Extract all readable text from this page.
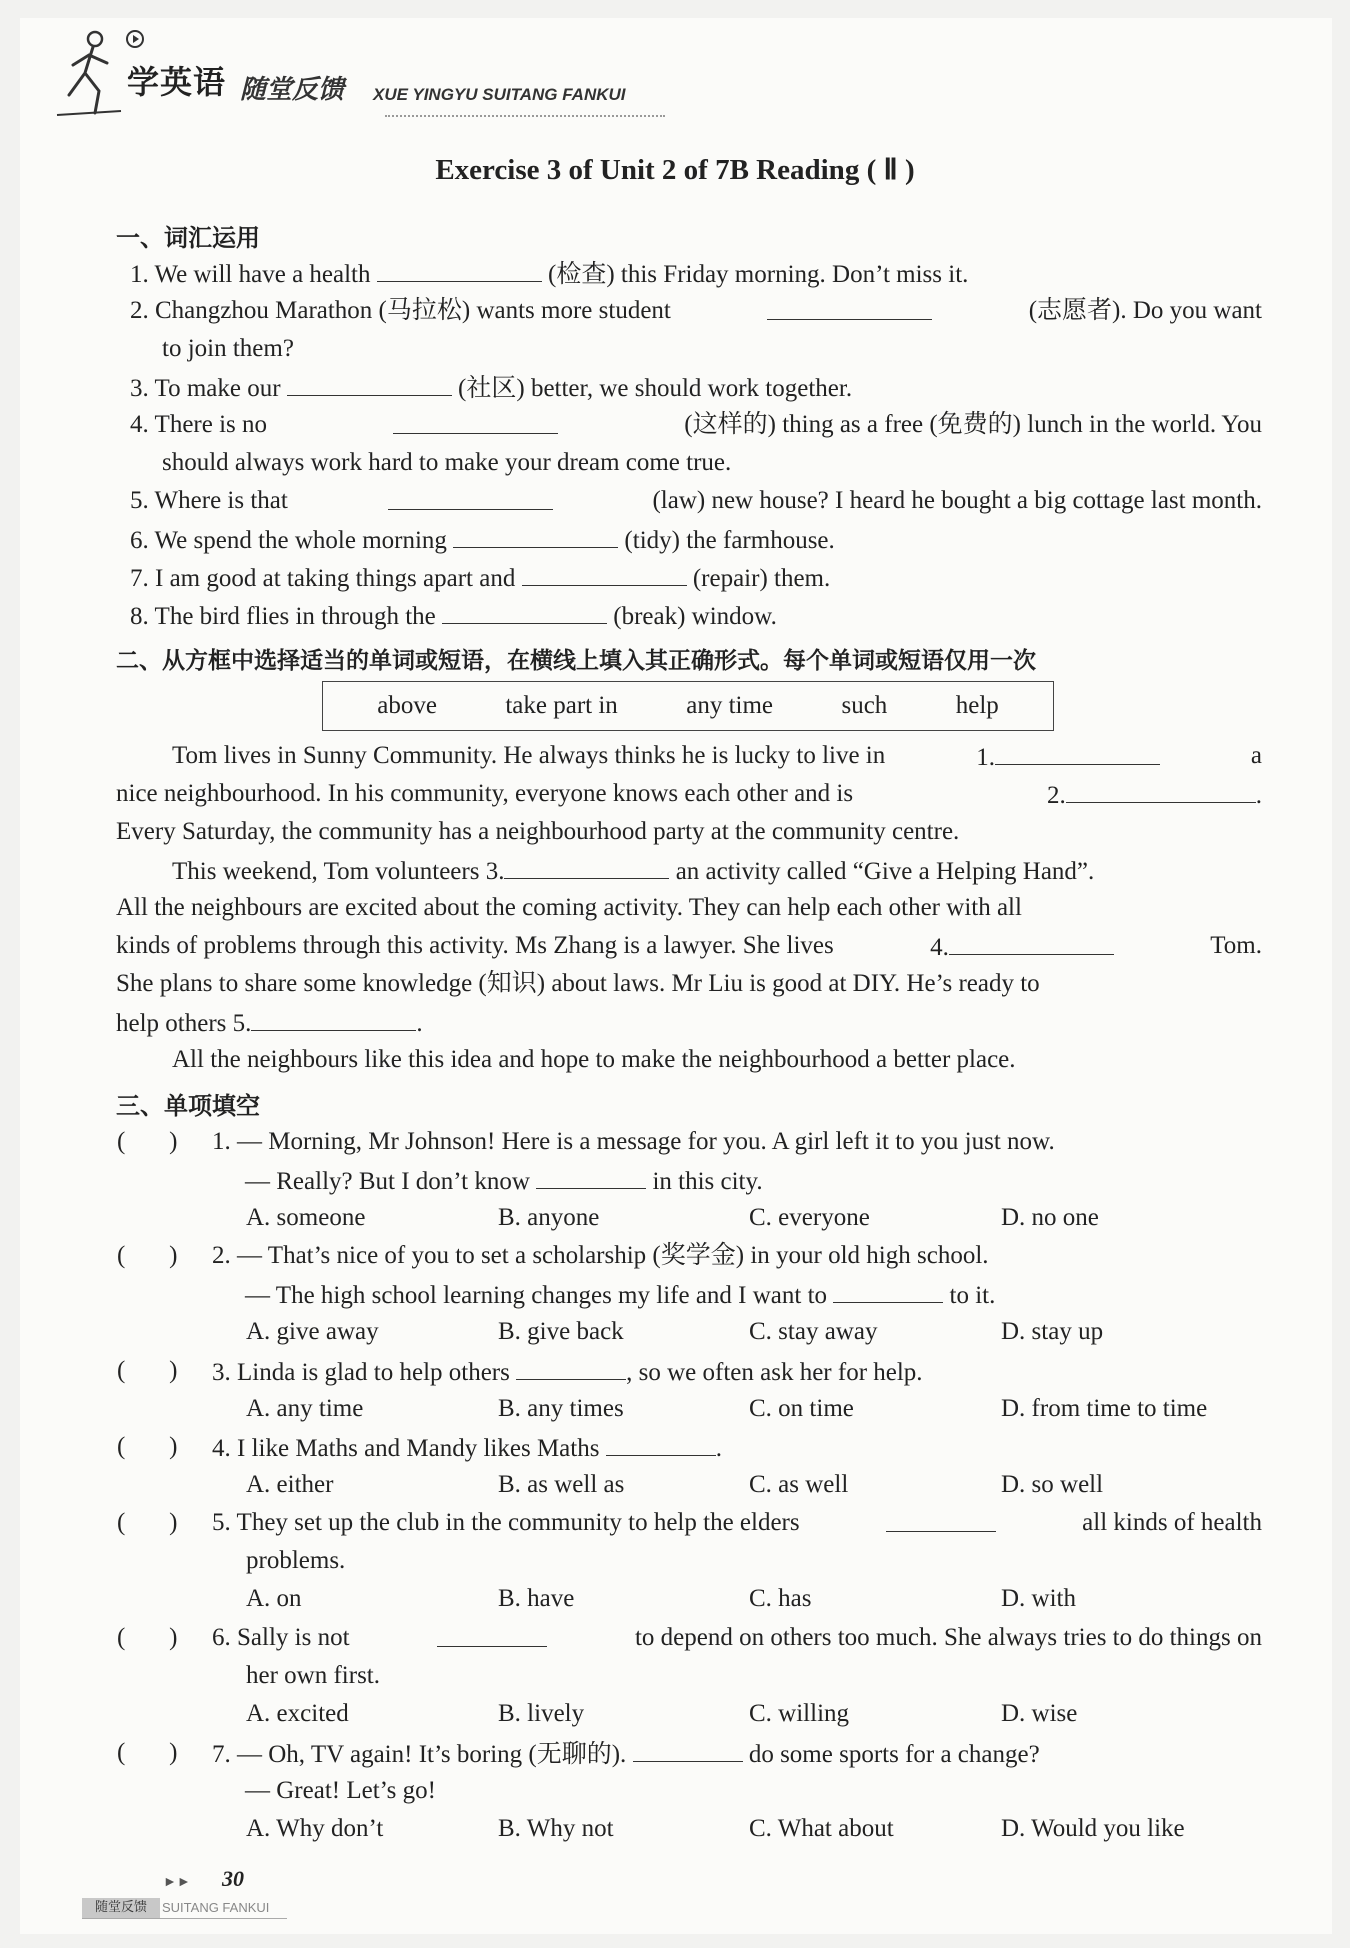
学英语 随堂反馈 XUE YINGYU SUITANG FANKUI
Exercise 3 of Unit 2 of 7B Reading ( Ⅱ )
一、词汇运用
1. We will have a health	(检查) this Friday morning. Don’t miss it.
2. Changzhou Marathon (马拉松) wants more student	(志愿者). Do you want
to join them?
3. To make our	(社区) better, we should work together.
4. There is no	(这样的) thing as a free (免费的) lunch in the world. You
should always work hard to make your dream come true.
5. Where is that	(law) new house? I heard he bought a big cottage last month.
6. We spend the whole morning	(tidy) the farmhouse.
7. I am good at taking things apart and	(repair) them.
8. The bird flies in through the	(break) window.
二、从方框中选择适当的单词或短语，在横线上填入其正确形式。每个单词或短语仅用一次
above	take part in	any time	such	help
Tom lives in Sunny Community. He always thinks he is lucky to live in	1.	a
nice neighbourhood. In his community, everyone knows each other and is	2.	.
Every Saturday, the community has a neighbourhood party at the community centre.
This weekend, Tom volunteers 3.	an activity called “Give a Helping Hand”.
All the neighbours are excited about the coming activity. They can help each other with all
kinds of problems through this activity. Ms Zhang is a lawyer. She lives	4.	Tom.
She plans to share some knowledge (知识) about laws. Mr Liu is good at DIY. He’s ready to
help others 5.	.
All the neighbours like this idea and hope to make the neighbourhood a better place.
三、单项填空
(       ) 1. — Morning, Mr Johnson! Here is a message for you. A girl left it to you just now.
— Really? But I don’t know	in this city.
A. someone	B. anyone	C. everyone	D. no one
(       ) 2. — That’s nice of you to set a scholarship (奖学金) in your old high school.
— The high school learning changes my life and I want to	to it.
A. give away	B. give back	C. stay away	D. stay up
(       ) 3. Linda is glad to help others	, so we often ask her for help.
A. any time	B. any times	C. on time	D. from time to time
(       ) 4. I like Maths and Mandy likes Maths	.
A. either	B. as well as	C. as well	D. so well
(       ) 5. They set up the club in the community to help the elders	all kinds of health
problems.
A. on	B. have	C. has	D. with
(       ) 6. Sally is not	to depend on others too much. She always tries to do things on
her own first.
A. excited	B. lively	C. willing	D. wise
(       ) 7. — Oh, TV again! It’s boring (无聊的).	do some sports for a change?
— Great! Let’s go!
A. Why don’t	B. Why not	C. What about	D. Would you like
►► 30
随堂反馈	SUITANG FANKUI
